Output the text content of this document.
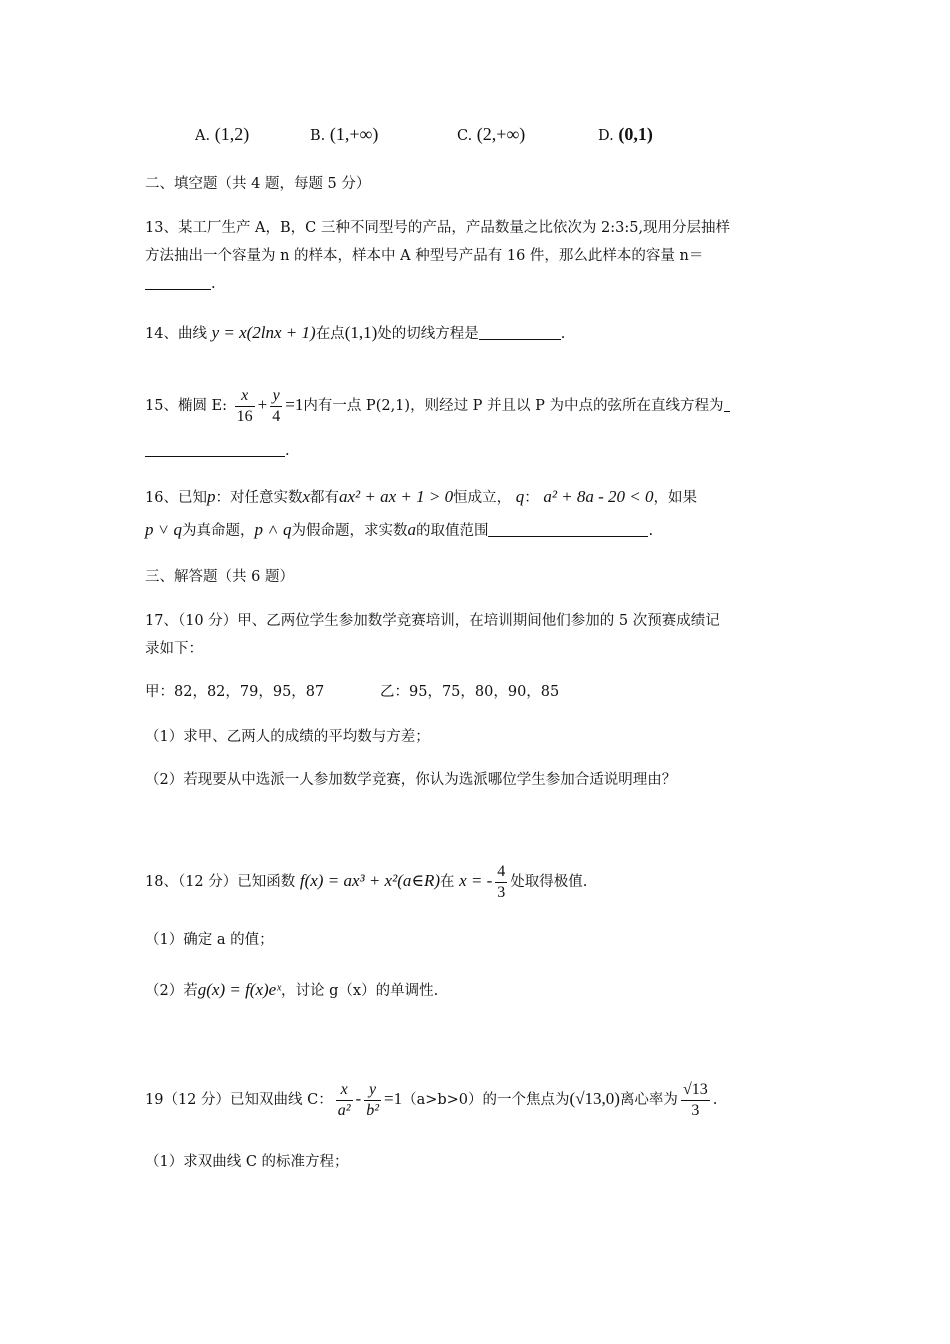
A. (1,2)	B. (1,+∞)	C. (2,+∞)	D. (0,1)
二、填空题（共 4 题，每题 5 分）
13、某工厂生产 A，B，C 三种不同型号的产品，产品数量之比依次为 2:3:5,现用分层抽样
方法抽出一个容量为 n 的样本，样本中 A 种型号产品有 16 件，那么此样本的容量 n＝
.
14、曲线 y = x(2lnx + 1)在点(1,1)处的切线方程是	.
15、椭圆 E: $\frac{x}{16} + \frac{y}{4} =1$内有一点 P(2,1)，则经过 P 并且以 P 为中点的弦所在直线方程为
.
16、已知p：对任意实数x都有ax² + ax + 1 > 0恒成立， q： a² + 8a - 20 < 0，如果
p ˅ q为真命题，p ˄ q为假命题，求实数a的取值范围	.
三、解答题（共 6 题）
17、（10 分）甲、乙两位学生参加数学竞赛培训，在培训期间他们参加的 5 次预赛成绩记
录如下：
甲：82，82，79，95，87	乙：95，75，80，90，85
（1）求甲、乙两人的成绩的平均数与方差；
（2）若现要从中选派一人参加数学竞赛，你认为选派哪位学生参加合适说明理由？
18、（12 分）已知函数 f(x) = ax³ + x²(a∈R)在 x = - $\frac{4}{3}$ 处取得极值.
（1）确定 a 的值；
（2）若g(x) = f(x)eˣ，讨论 g（x）的单调性.
19（12 分）已知双曲线 C： $\frac{x}{\text{a²}} - \frac{y}{\text{b²}} =1(a>b>0)$的一个焦点为(√13,0)离心率为 $\frac{√13}{3}$ .
（1）求双曲线 C 的标准方程；
